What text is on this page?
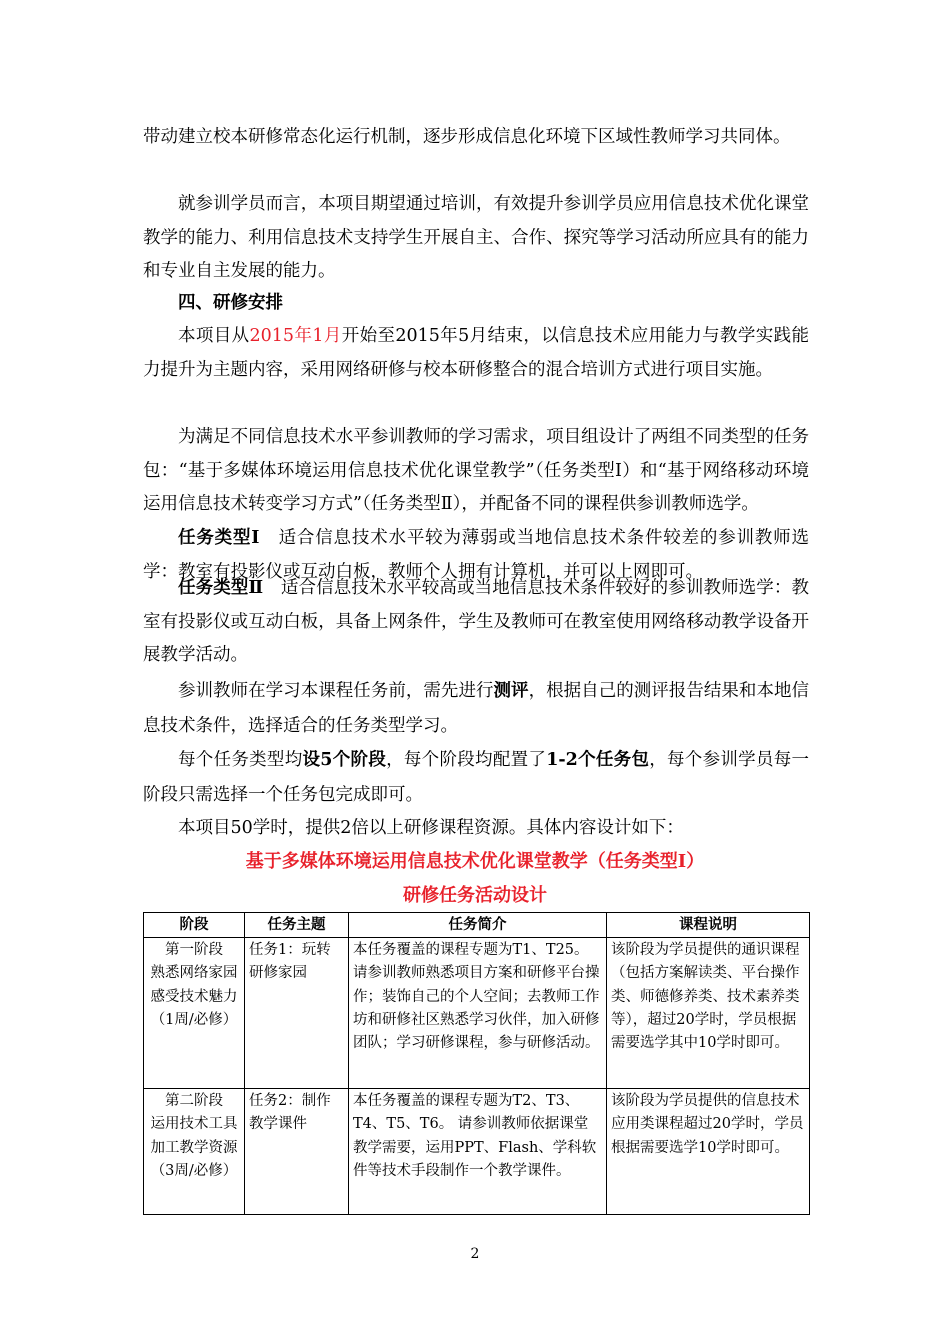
带动建立校本研修常态化运行机制，逐步形成信息化环境下区域性教师学习共同体。

就参训学员而言，本项目期望通过培训，有效提升参训学员应用信息技术优化课堂教学的能力、利用信息技术支持学生开展自主、合作、探究等学习活动所应具有的能力和专业自主发展的能力。

四、研修安排

本项目从2015年1月开始至2015年5月结束，以信息技术应用能力与教学实践能力提升为主题内容，采用网络研修与校本研修整合的混合培训方式进行项目实施。

为满足不同信息技术水平参训教师的学习需求，项目组设计了两组不同类型的任务包：“基于多媒体环境运用信息技术优化课堂教学”（任务类型Ⅰ）和“基于网络移动环境运用信息技术转变学习方式”（任务类型Ⅱ），并配备不同的课程供参训教师选学。

任务类型Ⅰ　适合信息技术水平较为薄弱或当地信息技术条件较差的参训教师选学：教室有投影仪或互动白板，教师个人拥有计算机，并可以上网即可。

任务类型Ⅱ　适合信息技术水平较高或当地信息技术条件较好的参训教师选学：教室有投影仪或互动白板，具备上网条件，学生及教师可在教室使用网络移动教学设备开展教学活动。

参训教师在学习本课程任务前，需先进行测评，根据自己的测评报告结果和本地信息技术条件，选择适合的任务类型学习。

每个任务类型均设5个阶段，每个阶段均配置了1-2个任务包，每个参训学员每一阶段只需选择一个任务包完成即可。

本项目50学时，提供2倍以上研修课程资源。具体内容设计如下：

基于多媒体环境运用信息技术优化课堂教学（任务类型Ⅰ）
研修任务活动设计
阶段	任务主题	任务简介	课程说明

第一阶段
熟悉网络家园
感受技术魅力
（1周/必修）	任务1：玩转研修家园	本任务覆盖的课程专题为T1、T25。请参训教师熟悉项目方案和研修平台操作；装饰自己的个人空间；去教师工作坊和研修社区熟悉学习伙伴，加入研修团队；学习研修课程，参与研修活动。	该阶段为学员提供的通识课程（包括方案解读类、平台操作类、师德修养类、技术素养类等），超过20学时，学员根据需要选学其中10学时即可。

第二阶段
运用技术工具
加工教学资源
（3周/必修）	任务2：制作教学课件	本任务覆盖的课程专题为T2、T3、T4、T5、T6。 请参训教师依据课堂教学需要，运用PPT、Flash、学科软件等技术手段制作一个教学课件。	该阶段为学员提供的信息技术应用类课程超过20学时，学员根据需要选学10学时即可。
2
